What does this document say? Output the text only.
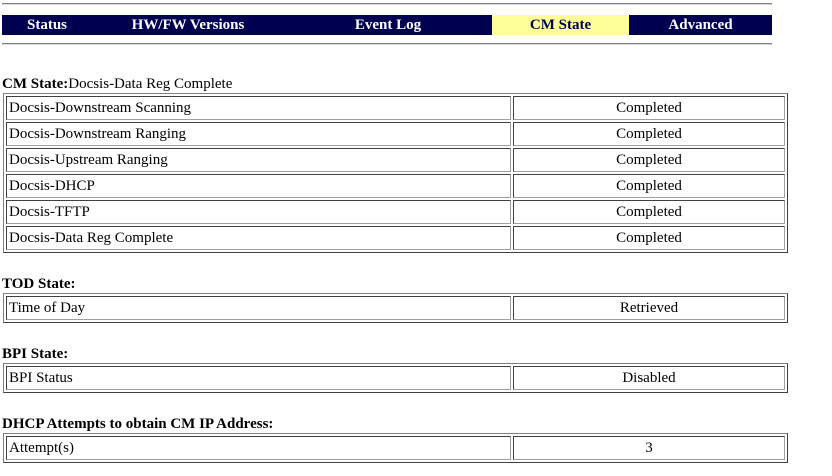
Status	HW/FW Versions	Event Log	CM State	Advanced
CM State:Docsis-Data Reg Complete
Docsis-Downstream Scanning	Completed
Docsis-Downstream Ranging	Completed
Docsis-Upstream Ranging	Completed
Docsis-DHCP	Completed
Docsis-TFTP	Completed
Docsis-Data Reg Complete	Completed
TOD State:
Time of Day	Retrieved
BPI State:
BPI Status	Disabled
DHCP Attempts to obtain CM IP Address:
Attempt(s)	3
